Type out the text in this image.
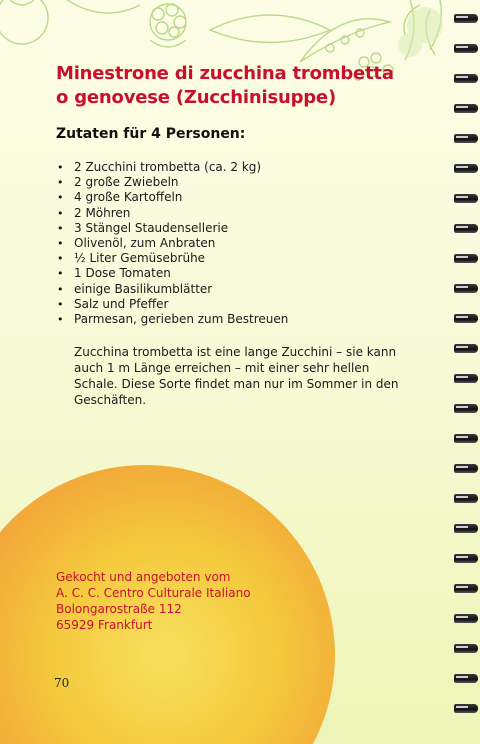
Minestrone di zucchina trombetta
o genovese (Zucchinisuppe)
Zutaten für 4 Personen:
• 2 Zucchini trombetta (ca. 2 kg)
• 2 große Zwiebeln
• 4 große Kartoffeln
• 2 Möhren
• 3 Stängel Staudensellerie
• Olivenöl, zum Anbraten
• ½ Liter Gemüsebrühe
• 1 Dose Tomaten
• einige Basilikumblätter
• Salz und Pfeffer
• Parmesan, gerieben zum Bestreuen
Zucchina trombetta ist eine lange Zucchini – sie kann
auch 1 m Länge erreichen – mit einer sehr hellen
Schale. Diese Sorte findet man nur im Sommer in den
Geschäften.
Gekocht und angeboten vom
A. C. C. Centro Culturale Italiano
Bolongarostraße 112
65929 Frankfurt
70
